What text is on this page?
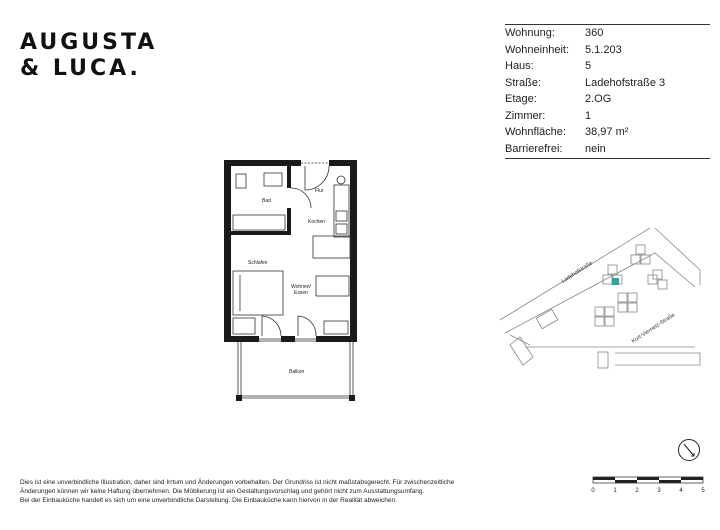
AUGUSTA
& LUCA.
Wohnung:	360
Wohneinheit:	5.1.203
Haus:	5
Straße:	Ladehofstraße 3
Etage:	2.OG
Zimmer:	1
Wohnfläche:	38,97 m²
Barrierefrei:	nein
Flur
Bad
Kochen
Schlafen
Wohnen/
Essen
Balkon
Ladehofstraße
Kurt-Viernetz-Straße
0	1	2	3	4	5
Dies ist eine unverbindliche Illustration, daher sind Irrtum und Änderungen vorbehalten. Der Grundriss ist nicht maßstabsgerecht. Für zwischenzeitliche
Änderungen können wir keine Haftung übernehmen. Die Möblierung ist ein Gestaltungsvorschlag und gehört nicht zum Ausstattungsumfang.
Bei der Einbauküche handelt es sich um eine unverbindliche Darstellung. Die Einbauküche kann hiervon in der Realität abweichen.
